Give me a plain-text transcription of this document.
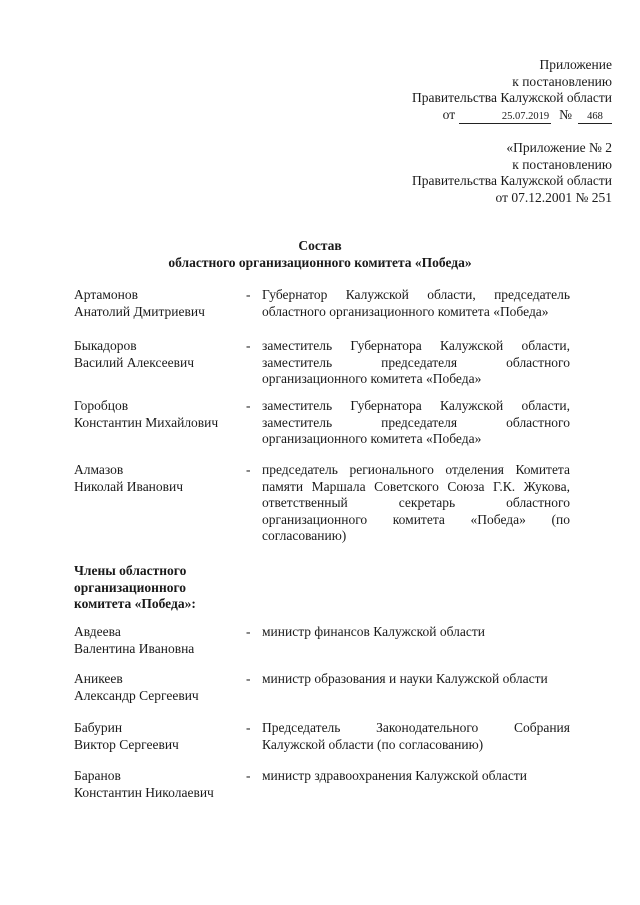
Приложение
к постановлению
Правительства Калужской области
от	25.07.2019 №	468
«Приложение № 2
к постановлению
Правительства Калужской области
от 07.12.2001 № 251
Состав
областного организационного комитета «Победа»
Артамонов
Анатолий Дмитриевич
- Губернатор Калужской области, председатель областного организационного комитета «Победа»
Быкадоров
Василий Алексеевич
- заместитель Губернатора Калужской области, заместитель председателя областного организационного комитета «Победа»
Горобцов
Константин Михайлович
- заместитель Губернатора Калужской области, заместитель председателя областного организационного комитета «Победа»
Алмазов
Николай Иванович
- председатель регионального отделения Комитета памяти Маршала Советского Союза Г.К. Жукова, ответственный секретарь областного организационного комитета «Победа» (по согласованию)
Члены областного
организационного
комитета «Победа»:
Авдеева
Валентина Ивановна
- министр финансов Калужской области
Аникеев
Александр Сергеевич
- министр образования и науки Калужской области
Бабурин
Виктор Сергеевич
- Председатель Законодательного Собрания Калужской области (по согласованию)
Баранов
Константин Николаевич
- министр здравоохранения Калужской области
